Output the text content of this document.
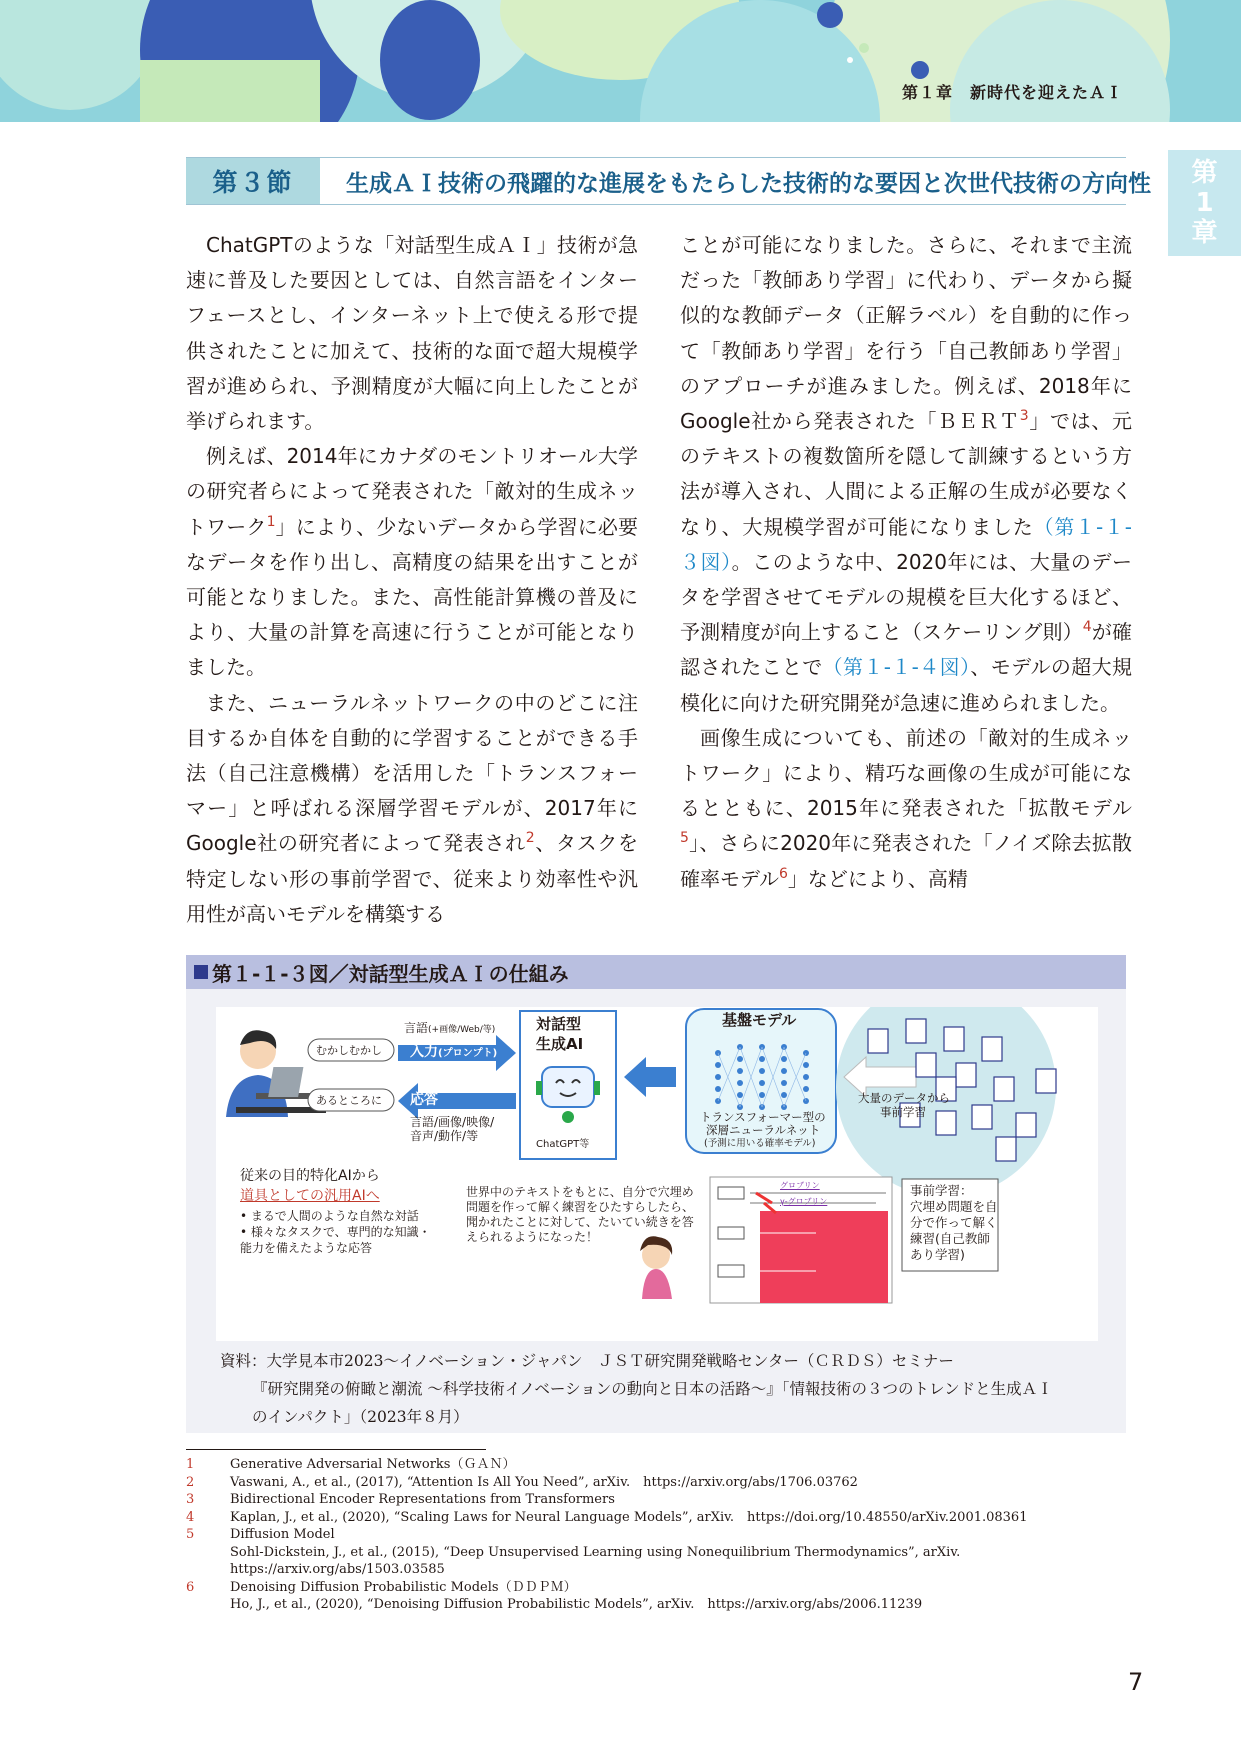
第１章　新時代を迎えたＡＩ
第
1
章
第３節	生成ＡＩ技術の飛躍的な進展をもたらした技術的な要因と次世代技術の方向性

ChatGPTのような「対話型生成ＡＩ」技術が急速に普及した要因としては、自然言語をインターフェースとし、インターネット上で使える形で提供されたことに加えて、技術的な面で超大規模学習が進められ、予測精度が大幅に向上したことが挙げられます。

例えば、2014年にカナダのモントリオール大学の研究者らによって発表された「敵対的生成ネットワーク$^1$」により、少ないデータから学習に必要なデータを作り出し、高精度の結果を出すことが可能となりました。また、高性能計算機の普及により、大量の計算を高速に行うことが可能となりました。

また、ニューラルネットワークの中のどこに注目するか自体を自動的に学習することができる手法（自己注意機構）を活用した「トランスフォーマー」と呼ばれる深層学習モデルが、2017年にGoogle社の研究者によって発表され$^2$、タスクを特定しない形の事前学習で、従来より効率性や汎用性が高いモデルを構築する

ことが可能になりました。さらに、それまで主流だった「教師あり学習」に代わり、データから擬似的な教師データ（正解ラベル）を自動的に作って「教師あり学習」を行う「自己教師あり学習」のアプローチが進みました。例えば、2018年にGoogle社から発表された「ＢＥＲＴ$^3$」では、元のテキストの複数箇所を隠して訓練するという方法が導入され、人間による正解の生成が必要なくなり、大規模学習が可能になりました（第１-１-３図）。このような中、2020年には、大量のデータを学習させてモデルの規模を巨大化するほど、予測精度が向上すること（スケーリング則）$^4$が確認されたことで（第１-１-４図）、モデルの超大規模化に向けた研究開発が急速に進められました。

画像生成についても、前述の「敵対的生成ネットワーク」により、精巧な画像の生成が可能になるとともに、2015年に発表された「拡散モデル$^5$」、さらに2020年に発表された「ノイズ除去拡散確率モデル$^6$」などにより、高精

第１-１-３図／対話型生成ＡＩの仕組み
言語(+画像/Web/等)
むかしむかし 入力(プロンプト)
あるところに 応答
言語/画像/映像/
音声/動作/等
対話型
生成AI
ChatGPT等
基盤モデル
トランスフォーマー型の
深層ニューラルネット
(予測に用いる確率モデル)
大量のデータから
事前学習
従来の目的特化AIから
道具としての汎用AIへ
• まるで人間のような自然な対話
• 様々なタスクで、専門的な知識・
能力を備えたような応答
世界中のテキストをもとに、自分で穴埋め
問題を作って解く練習をひたすらしたら、
聞かれたことに対して、たいてい続きを答
えられるようになった！
グロブリン
γ-グロブリン
事前学習：
穴埋め問題を自
分で作って解く
練習(自己教師
あり学習)
資料：大学見本市2023～イノベーション・ジャパン　ＪＳＴ研究開発戦略センター（ＣＲＤＳ）セミナー
『研究開発の俯瞰と潮流 ～科学技術イノベーションの動向と日本の活路～』「情報技術の３つのトレンドと生成ＡＩ
のインパクト」（2023年８月）
1	Generative Adversarial Networks（ＧＡＮ）
2	Vaswani, A., et al., (2017), “Attention Is All You Need”, arXiv.　https://arxiv.org/abs/1706.03762
3	Bidirectional Encoder Representations from Transformers
4	Kaplan, J., et al., (2020), “Scaling Laws for Neural Language Models”, arXiv.　https://doi.org/10.48550/arXiv.2001.08361
5	Diffusion Model
Sohl-Dickstein, J., et al., (2015), “Deep Unsupervised Learning using Nonequilibrium Thermodynamics”, arXiv.
https://arxiv.org/abs/1503.03585
6	Denoising Diffusion Probabilistic Models（ＤＤＰＭ）
Ho, J., et al., (2020), “Denoising Diffusion Probabilistic Models”, arXiv.　https://arxiv.org/abs/2006.11239
7
